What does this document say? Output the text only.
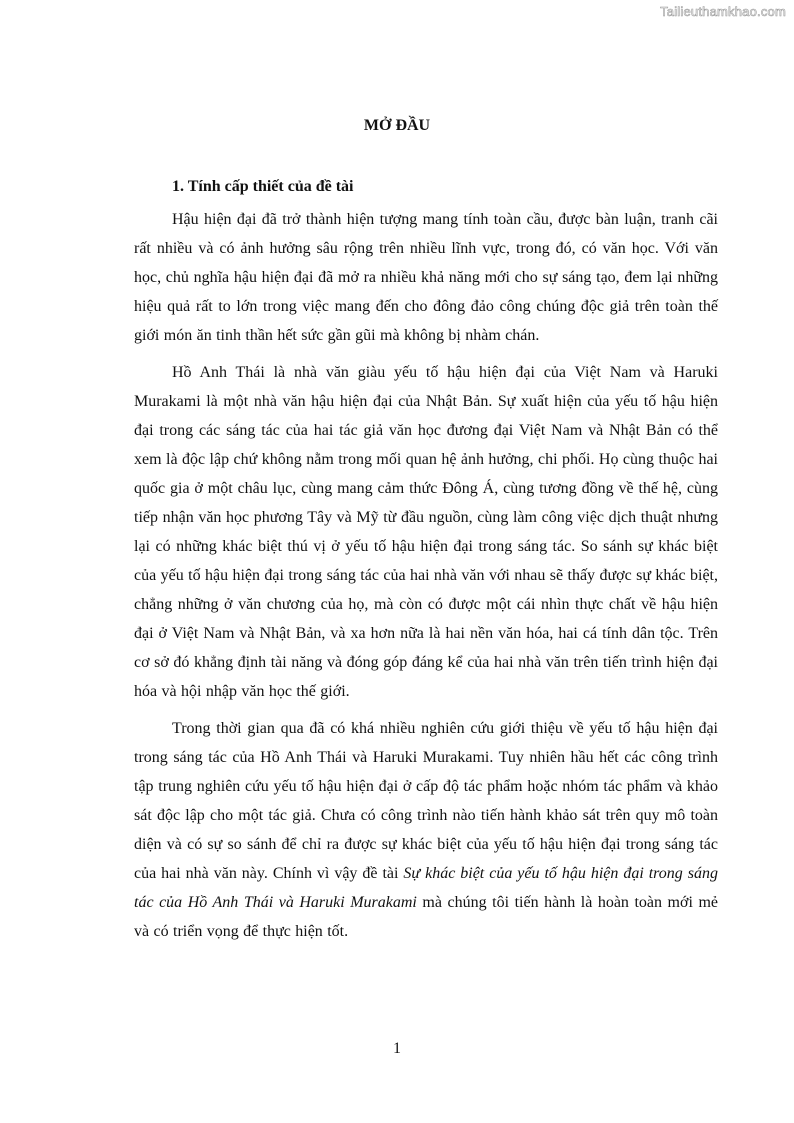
Tailieuthamkhao.com
MỞ ĐẦU
1. Tính cấp thiết của đề tài

Hậu hiện đại đã trở thành hiện tượng mang tính toàn cầu, được bàn luận, tranh cãi rất nhiều và có ảnh hưởng sâu rộng trên nhiều lĩnh vực, trong đó, có văn học. Với văn học, chủ nghĩa hậu hiện đại đã mở ra nhiều khả năng mới cho sự sáng tạo, đem lại những hiệu quả rất to lớn trong việc mang đến cho đông đảo công chúng độc giả trên toàn thế giới món ăn tinh thần hết sức gần gũi mà không bị nhàm chán.

Hồ Anh Thái là nhà văn giàu yếu tố hậu hiện đại của Việt Nam và Haruki Murakami là một nhà văn hậu hiện đại của Nhật Bản. Sự xuất hiện của yếu tố hậu hiện đại trong các sáng tác của hai tác giả văn học đương đại Việt Nam và Nhật Bản có thể xem là độc lập chứ không nằm trong mối quan hệ ảnh hưởng, chi phối. Họ cùng thuộc hai quốc gia ở một châu lục, cùng mang cảm thức Đông Á, cùng tương đồng về thế hệ, cùng tiếp nhận văn học phương Tây và Mỹ từ đầu nguồn, cùng làm công việc dịch thuật nhưng lại có những khác biệt thú vị ở yếu tố hậu hiện đại trong sáng tác. So sánh sự khác biệt của yếu tố hậu hiện đại trong sáng tác của hai nhà văn với nhau sẽ thấy được sự khác biệt, chẳng những ở văn chương của họ, mà còn có được một cái nhìn thực chất về hậu hiện đại ở Việt Nam và Nhật Bản, và xa hơn nữa là hai nền văn hóa, hai cá tính dân tộc. Trên cơ sở đó khẳng định tài năng và đóng góp đáng kể của hai nhà văn trên tiến trình hiện đại hóa và hội nhập văn học thế giới.

Trong thời gian qua đã có khá nhiều nghiên cứu giới thiệu về yếu tố hậu hiện đại trong sáng tác của Hồ Anh Thái và Haruki Murakami. Tuy nhiên hầu hết các công trình tập trung nghiên cứu yếu tố hậu hiện đại ở cấp độ tác phẩm hoặc nhóm tác phẩm và khảo sát độc lập cho một tác giả. Chưa có công trình nào tiến hành khảo sát trên quy mô toàn diện và có sự so sánh để chỉ ra được sự khác biệt của yếu tố hậu hiện đại trong sáng tác của hai nhà văn này. Chính vì vậy đề tài Sự khác biệt của yếu tố hậu hiện đại trong sáng tác của Hồ Anh Thái và Haruki Murakami mà chúng tôi tiến hành là hoàn toàn mới mẻ và có triển vọng để thực hiện tốt.

1
